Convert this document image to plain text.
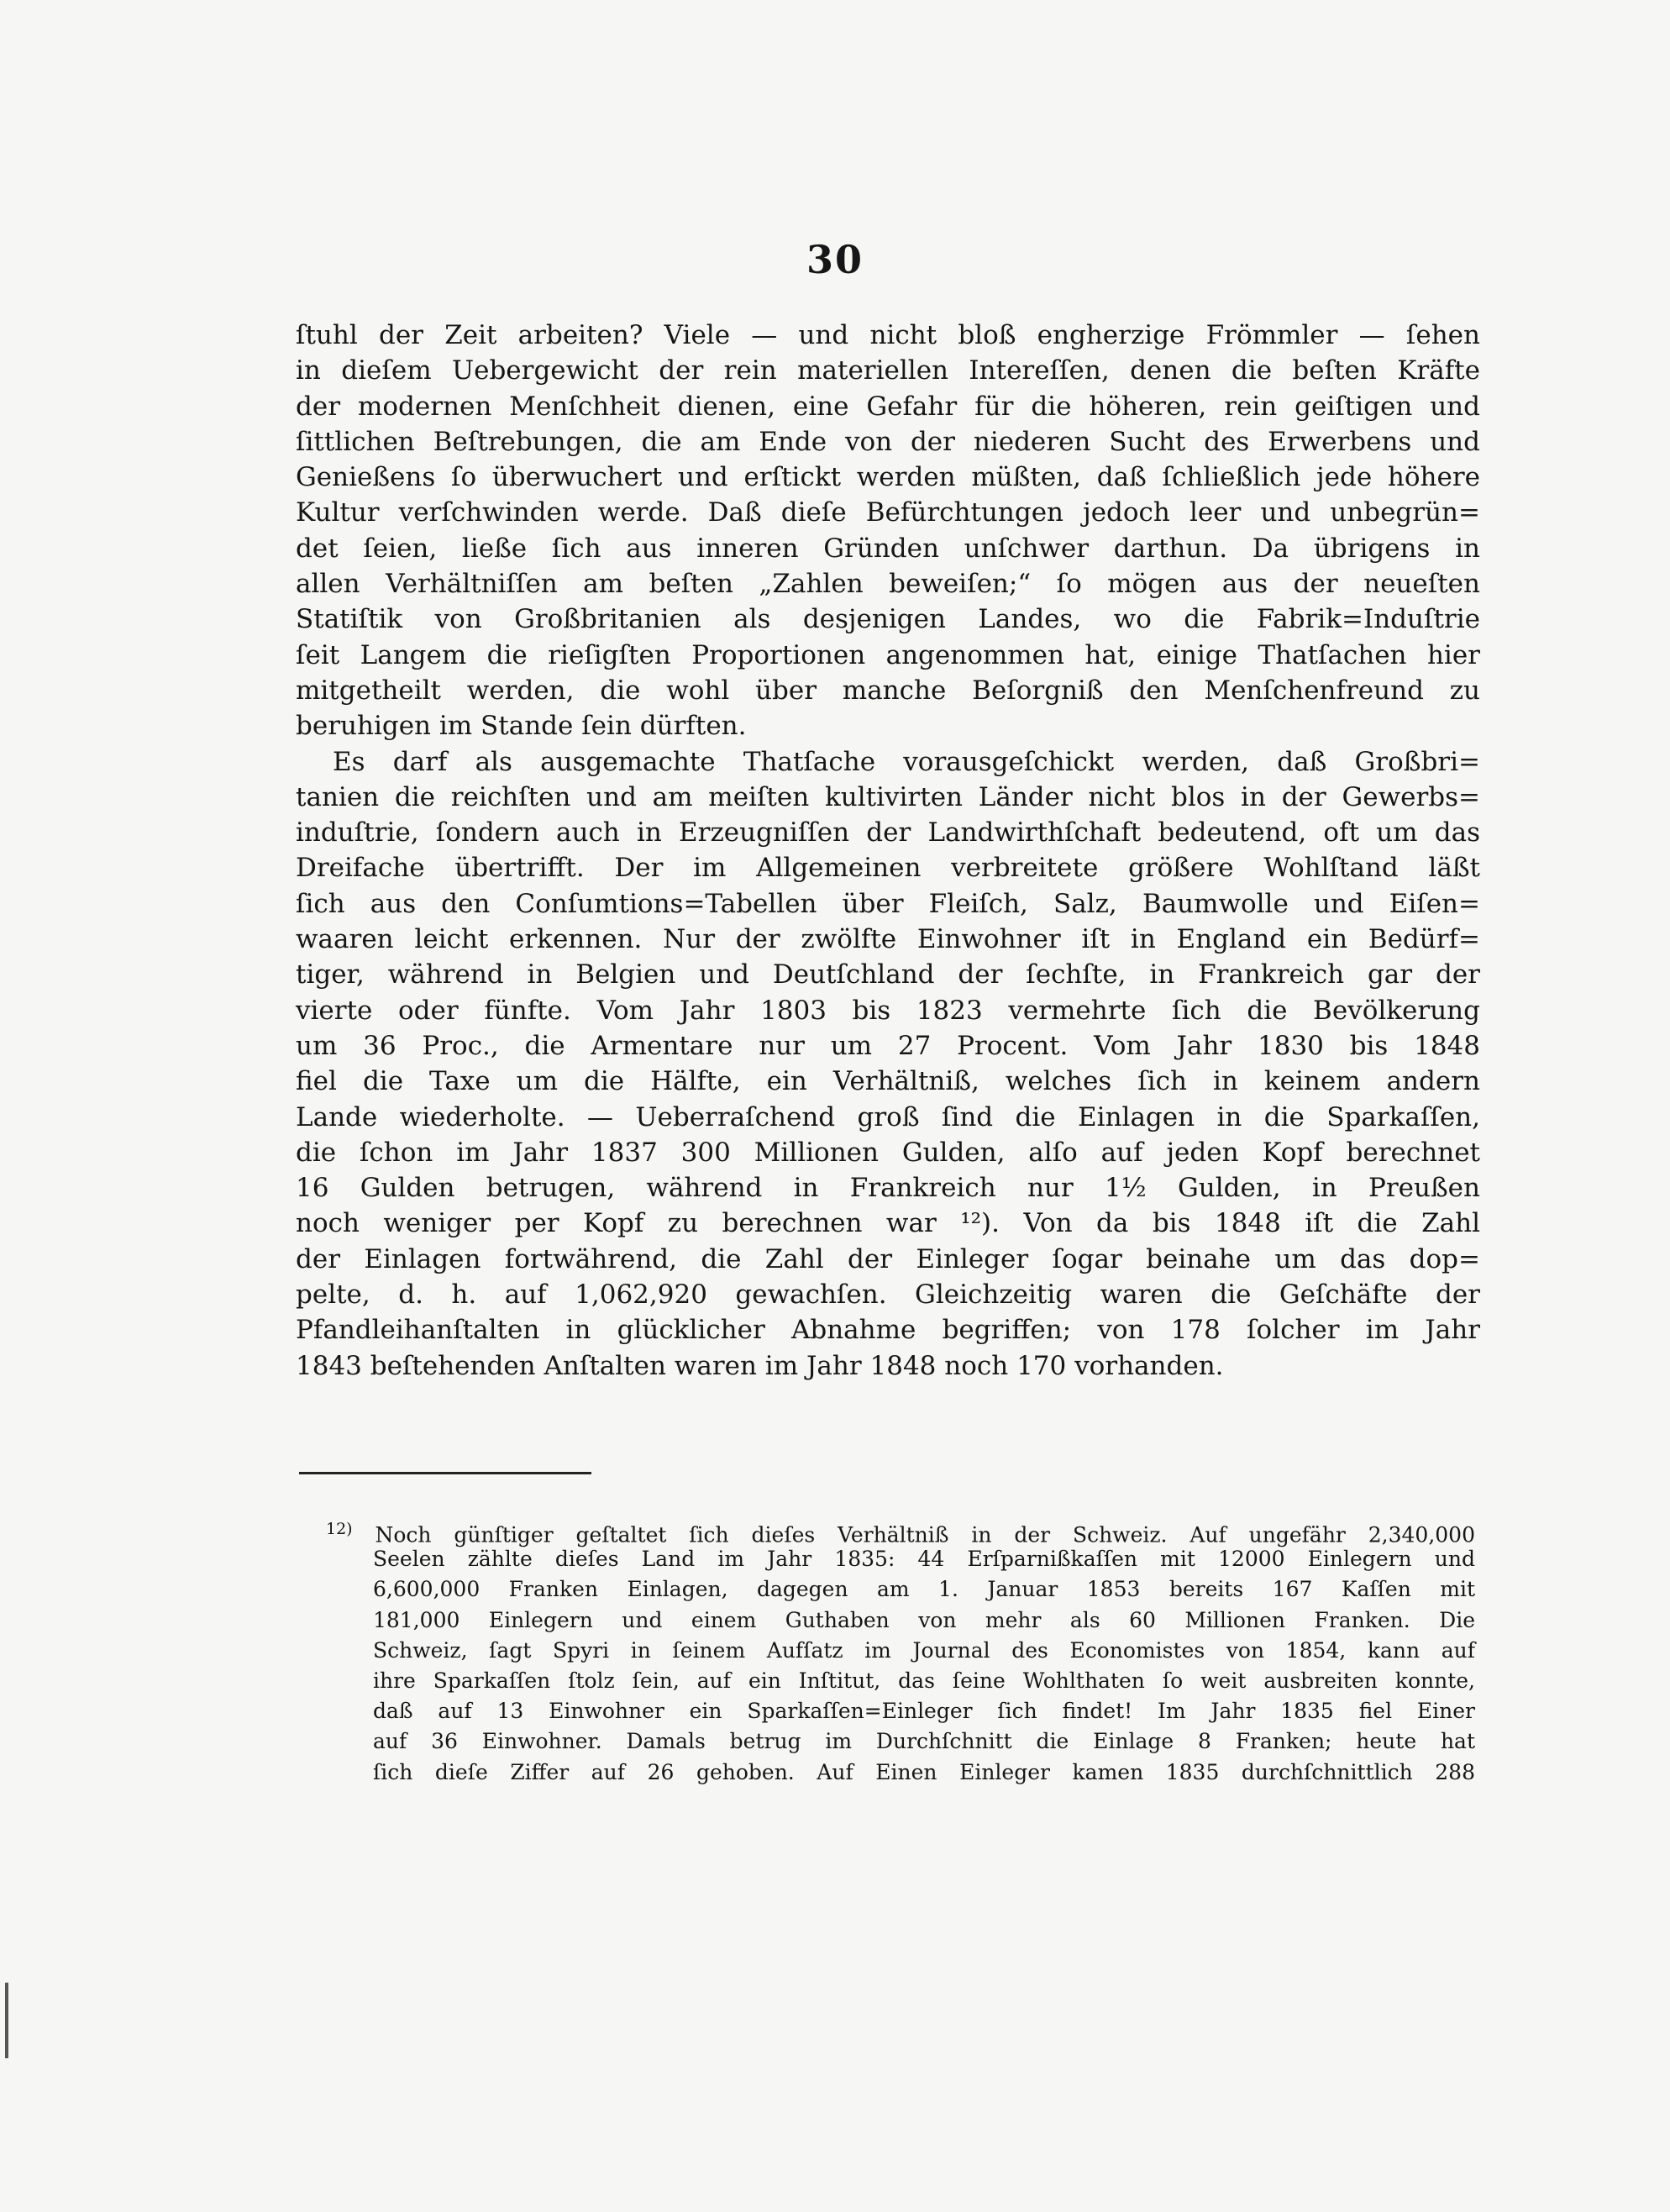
30
ſtuhl der Zeit arbeiten? Viele — und nicht bloß engherzige Frömmler — ſehen
in dieſem Uebergewicht der rein materiellen Intereſſen, denen die beſten Kräfte
der modernen Menſchheit dienen, eine Gefahr für die höheren, rein geiſtigen und
ſittlichen Beſtrebungen, die am Ende von der niederen Sucht des Erwerbens und
Genießens ſo überwuchert und erſtickt werden müßten, daß ſchließlich jede höhere
Kultur verſchwinden werde. Daß dieſe Befürchtungen jedoch leer und unbegrün=
det ſeien, ließe ſich aus inneren Gründen unſchwer darthun. Da übrigens in
allen Verhältniſſen am beſten „Zahlen beweiſen;“ ſo mögen aus der neueſten
Statiſtik von Großbritanien als desjenigen Landes, wo die Fabrik=Induſtrie
ſeit Langem die rieſigſten Proportionen angenommen hat, einige Thatſachen hier
mitgetheilt werden, die wohl über manche Beſorgniß den Menſchenfreund zu
beruhigen im Stande ſein dürften.
Es darf als ausgemachte Thatſache vorausgeſchickt werden, daß Großbri=
tanien die reichſten und am meiſten kultivirten Länder nicht blos in der Gewerbs=
induſtrie, ſondern auch in Erzeugniſſen der Landwirthſchaft bedeutend, oft um das
Dreifache übertrifft. Der im Allgemeinen verbreitete größere Wohlſtand läßt
ſich aus den Conſumtions=Tabellen über Fleiſch, Salz, Baumwolle und Eiſen=
waaren leicht erkennen. Nur der zwölfte Einwohner iſt in England ein Bedürf=
tiger, während in Belgien und Deutſchland der ſechſte, in Frankreich gar der
vierte oder fünfte. Vom Jahr 1803 bis 1823 vermehrte ſich die Bevölkerung
um 36 Proc., die Armentare nur um 27 Procent. Vom Jahr 1830 bis 1848
fiel die Taxe um die Hälfte, ein Verhältniß, welches ſich in keinem andern
Lande wiederholte. — Ueberraſchend groß ſind die Einlagen in die Sparkaſſen,
die ſchon im Jahr 1837 300 Millionen Gulden, alſo auf jeden Kopf berechnet
16 Gulden betrugen, während in Frankreich nur 1½ Gulden, in Preußen
noch weniger per Kopf zu berechnen war ¹²). Von da bis 1848 iſt die Zahl
der Einlagen fortwährend, die Zahl der Einleger ſogar beinahe um das dop=
pelte, d. h. auf 1,062,920 gewachſen. Gleichzeitig waren die Geſchäfte der
Pfandleihanſtalten in glücklicher Abnahme begriffen; von 178 ſolcher im Jahr
1843 beſtehenden Anſtalten waren im Jahr 1848 noch 170 vorhanden.
$^{12)}$ Noch günſtiger geſtaltet ſich dieſes Verhältniß in der Schweiz. Auf ungefähr 2,340,000
Seelen zählte dieſes Land im Jahr 1835: 44 Erſparnißkaſſen mit 12000 Einlegern und
6,600,000 Franken Einlagen, dagegen am 1. Januar 1853 bereits 167 Kaſſen mit
181,000 Einlegern und einem Guthaben von mehr als 60 Millionen Franken. Die
Schweiz, ſagt Spyri in ſeinem Aufſatz im Journal des Economistes von 1854, kann auf
ihre Sparkaſſen ſtolz ſein, auf ein Inſtitut, das ſeine Wohlthaten ſo weit ausbreiten konnte,
daß auf 13 Einwohner ein Sparkaſſen=Einleger ſich findet! Im Jahr 1835 fiel Einer
auf 36 Einwohner. Damals betrug im Durchſchnitt die Einlage 8 Franken; heute hat
ſich dieſe Ziffer auf 26 gehoben. Auf Einen Einleger kamen 1835 durchſchnittlich 288
